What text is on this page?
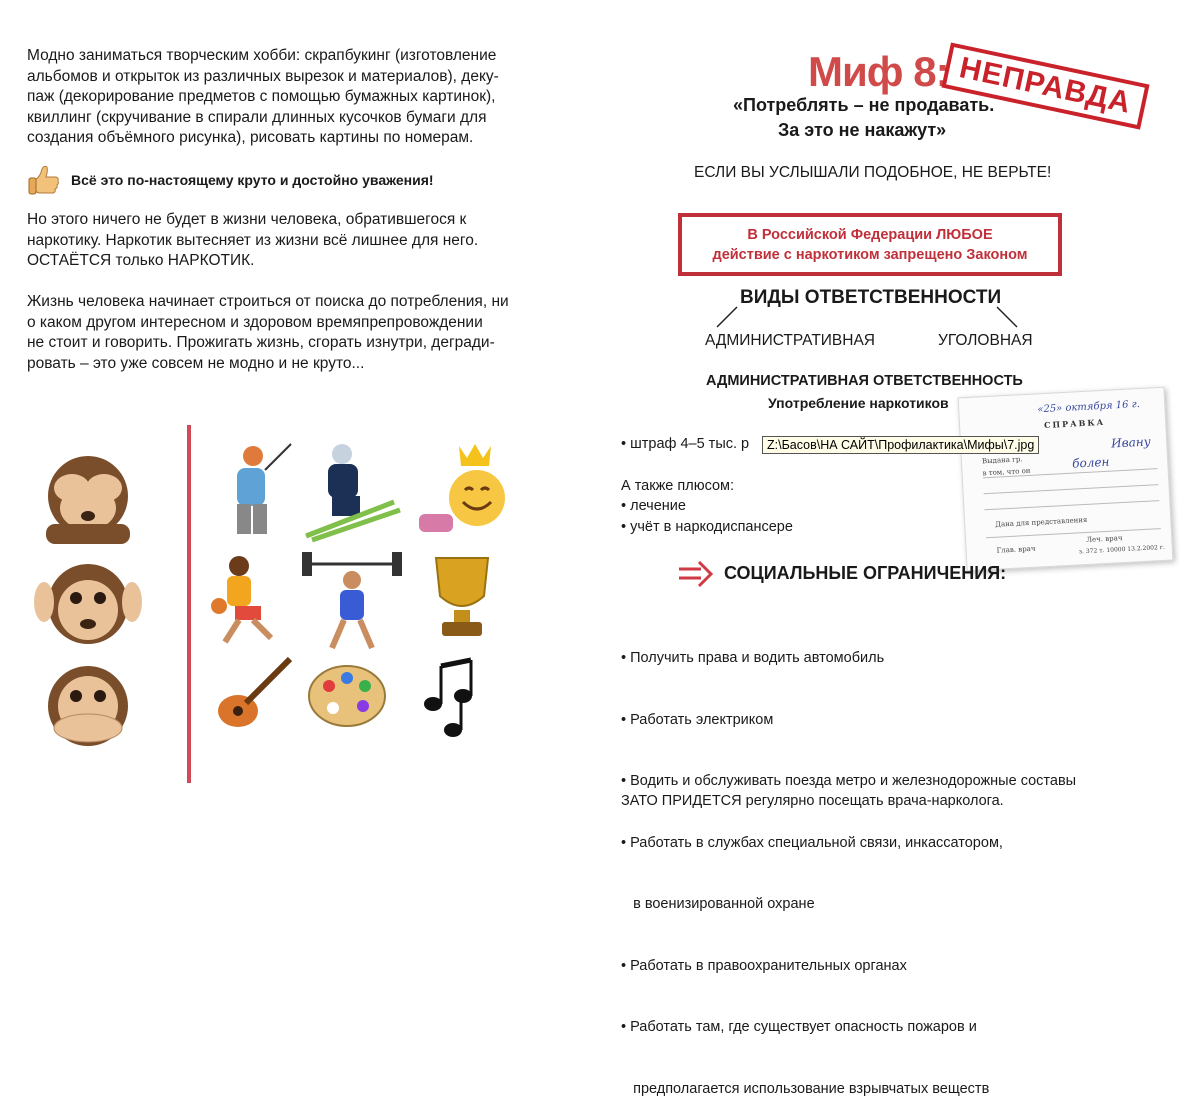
Модно заниматься творческим хобби: скрапбукинг (изготовление
альбомов и открыток из различных вырезок и материалов), деку-
паж (декорирование предметов с помощью бумажных картинок),
квиллинг (скручивание в спирали длинных кусочков бумаги для
создания объёмного рисунка), рисовать картины по номерам.
Всё это по-настоящему круто и достойно уважения!
Но этого ничего не будет в жизни человека, обратившегося к
наркотику. Наркотик вытесняет из жизни всё лишнее для него.
ОСТАЁТСЯ только НАРКОТИК.
Жизнь человека начинает строиться от поиска до потребления, ни
о каком другом интересном и здоровом времяпрепровождении
не стоит и говорить. Прожигать жизнь, сгорать изнутри, дегради-
ровать – это уже совсем не модно и не круто...
Миф 8:
«Потреблять – не продавать.
За это не накажут»
НЕПРАВДА
ЕСЛИ ВЫ УСЛЫШАЛИ ПОДОБНОЕ, НЕ ВЕРЬТЕ!
В Российской Федерации ЛЮБОЕ
действие с наркотиком запрещено Законом
ВИДЫ ОТВЕТСТВЕННОСТИ
АДМИНИСТРАТИВНАЯ	УГОЛОВНАЯ
АДМИНИСТРАТИВНАЯ ОТВЕТСТВЕННОСТЬ
Употребление наркотиков	«25» октября 16 г.
СПРАВКА
Выдана гр.
Ивану
в том, что он
болен
Дана для представления
Глав. врач
Леч. врач
з. 372 т. 10000 13.2.2002 г.
• штраф 4–5 тыс. р	Z:\Басов\НА САЙТ\Профилактика\Мифы\7.jpg
А также плюсом:
• лечение
• учёт в наркодиспансере
СОЦИАЛЬНЫЕ ОГРАНИЧЕНИЯ:

• Получить права и водить автомобиль

• Работать электриком

• Водить и обслуживать поезда метро и железнодорожные составы

• Работать в службах специальной связи, инкассатором,

в военизированной охране

• Работать в правоохранительных органах

• Работать там, где существует опасность пожаров и

предполагается использование взрывчатых веществ

ЗАТО ПРИДЕТСЯ регулярно посещать врача-нарколога.
